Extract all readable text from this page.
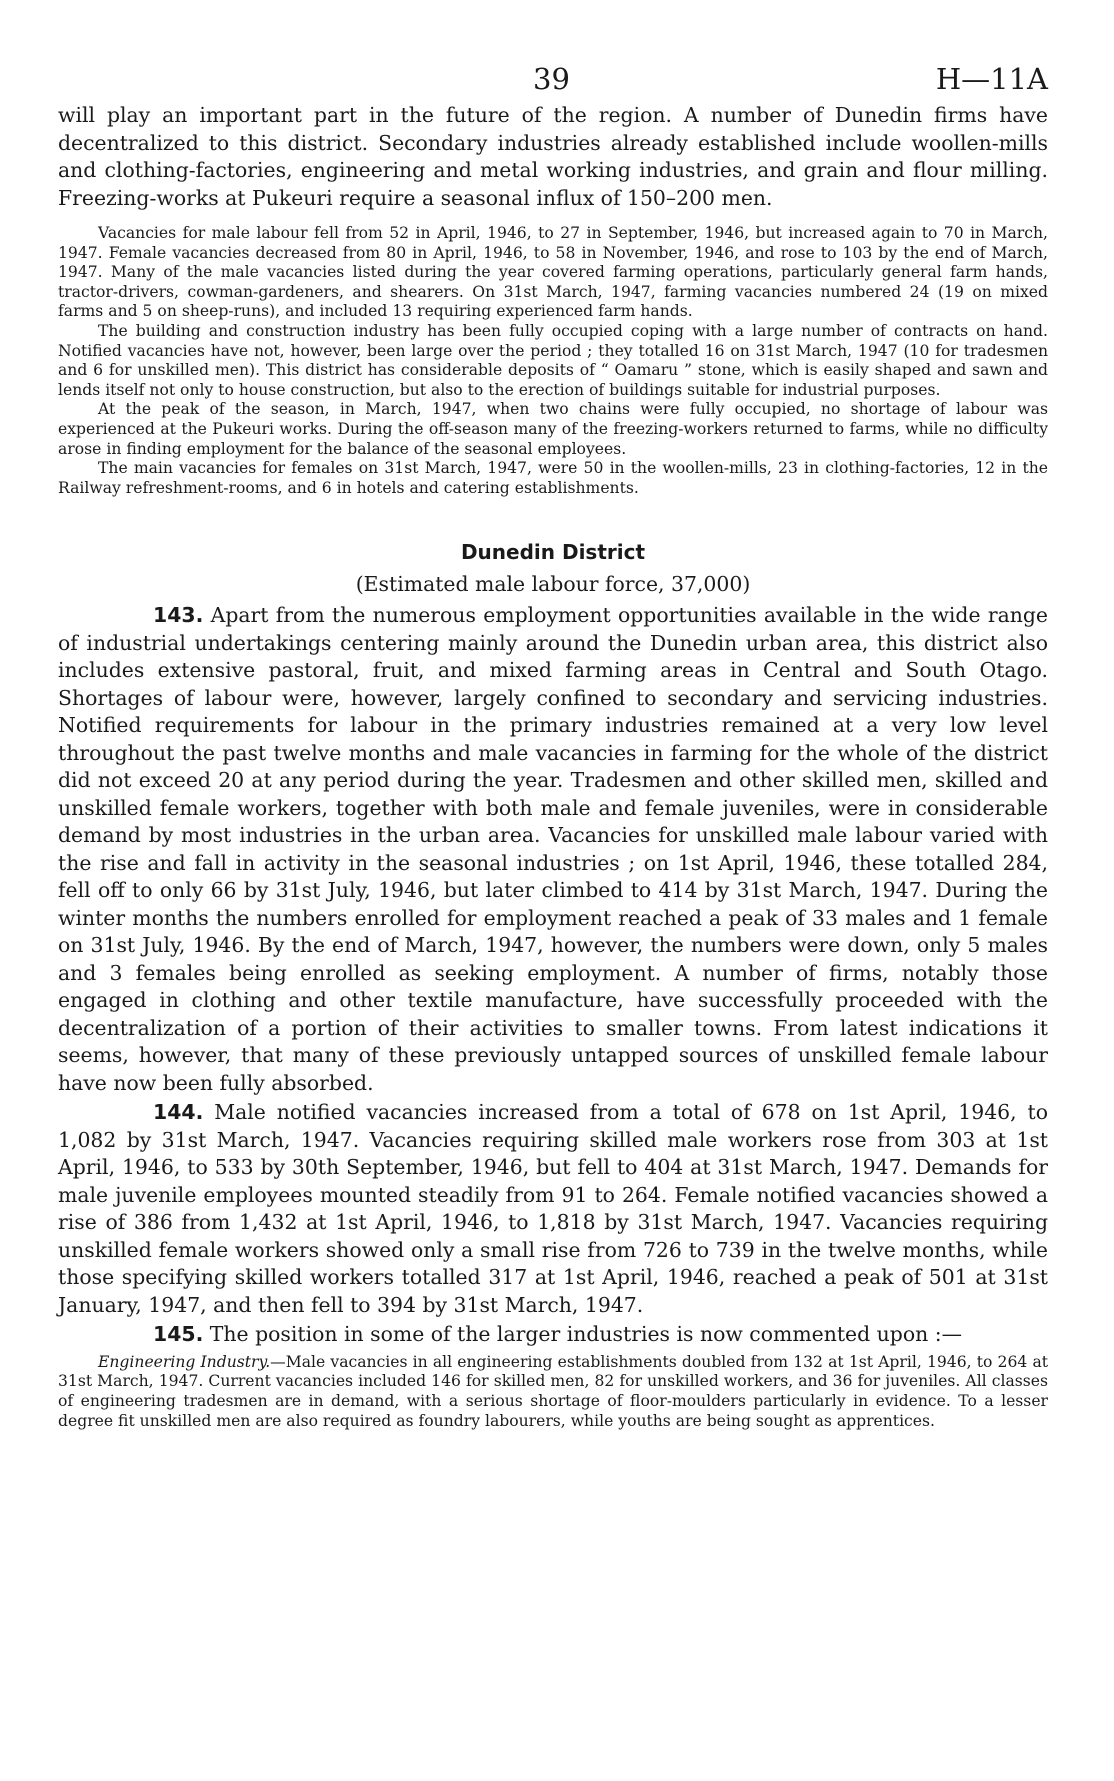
39	H—11A

will play an important part in the future of the region. A number of Dunedin firms have decentralized to this district. Secondary industries already established include woollen-mills and clothing-factories, engineering and metal working industries, and grain and flour milling. Freezing-works at Pukeuri require a seasonal influx of 150–200 men.

Vacancies for male labour fell from 52 in April, 1946, to 27 in September, 1946, but increased again to 70 in March, 1947. Female vacancies decreased from 80 in April, 1946, to 58 in November, 1946, and rose to 103 by the end of March, 1947. Many of the male vacancies listed during the year covered farming operations, particularly general farm hands, tractor-drivers, cowman-gardeners, and shearers. On 31st March, 1947, farming vacancies numbered 24 (19 on mixed farms and 5 on sheep-runs), and included 13 requiring experienced farm hands.

The building and construction industry has been fully occupied coping with a large number of contracts on hand. Notified vacancies have not, however, been large over the period ; they totalled 16 on 31st March, 1947 (10 for tradesmen and 6 for unskilled men). This district has considerable deposits of “ Oamaru ” stone, which is easily shaped and sawn and lends itself not only to house construction, but also to the erection of buildings suitable for industrial purposes.

At the peak of the season, in March, 1947, when two chains were fully occupied, no shortage of labour was experienced at the Pukeuri works. During the off-season many of the freezing-workers returned to farms, while no difficulty arose in finding employment for the balance of the seasonal employees.

The main vacancies for females on 31st March, 1947, were 50 in the woollen-mills, 23 in clothing-factories, 12 in the Railway refreshment-rooms, and 6 in hotels and catering establishments.

Dunedin District
(Estimated male labour force, 37,000)

143. Apart from the numerous employment opportunities available in the wide range of industrial undertakings centering mainly around the Dunedin urban area, this district also includes extensive pastoral, fruit, and mixed farming areas in Central and South Otago. Shortages of labour were, however, largely confined to secondary and servicing industries. Notified requirements for labour in the primary industries remained at a very low level throughout the past twelve months and male vacancies in farming for the whole of the district did not exceed 20 at any period during the year. Tradesmen and other skilled men, skilled and unskilled female workers, together with both male and female juveniles, were in considerable demand by most industries in the urban area. Vacancies for unskilled male labour varied with the rise and fall in activity in the seasonal industries ; on 1st April, 1946, these totalled 284, fell off to only 66 by 31st July, 1946, but later climbed to 414 by 31st March, 1947. During the winter months the numbers enrolled for employment reached a peak of 33 males and 1 female on 31st July, 1946. By the end of March, 1947, however, the numbers were down, only 5 males and 3 females being enrolled as seeking employment. A number of firms, notably those engaged in clothing and other textile manufacture, have successfully proceeded with the decentralization of a portion of their activities to smaller towns. From latest indications it seems, however, that many of these previously untapped sources of unskilled female labour have now been fully absorbed.

144. Male notified vacancies increased from a total of 678 on 1st April, 1946, to 1,082 by 31st March, 1947. Vacancies requiring skilled male workers rose from 303 at 1st April, 1946, to 533 by 30th September, 1946, but fell to 404 at 31st March, 1947. Demands for male juvenile employees mounted steadily from 91 to 264. Female notified vacancies showed a rise of 386 from 1,432 at 1st April, 1946, to 1,818 by 31st March, 1947. Vacancies requiring unskilled female workers showed only a small rise from 726 to 739 in the twelve months, while those specifying skilled workers totalled 317 at 1st April, 1946, reached a peak of 501 at 31st January, 1947, and then fell to 394 by 31st March, 1947.

145. The position in some of the larger industries is now commented upon :—

Engineering Industry.—Male vacancies in all engineering establishments doubled from 132 at 1st April, 1946, to 264 at 31st March, 1947. Current vacancies included 146 for skilled men, 82 for unskilled workers, and 36 for juveniles. All classes of engineering tradesmen are in demand, with a serious shortage of floor-moulders particularly in evidence. To a lesser degree fit unskilled men are also required as foundry labourers, while youths are being sought as apprentices.
